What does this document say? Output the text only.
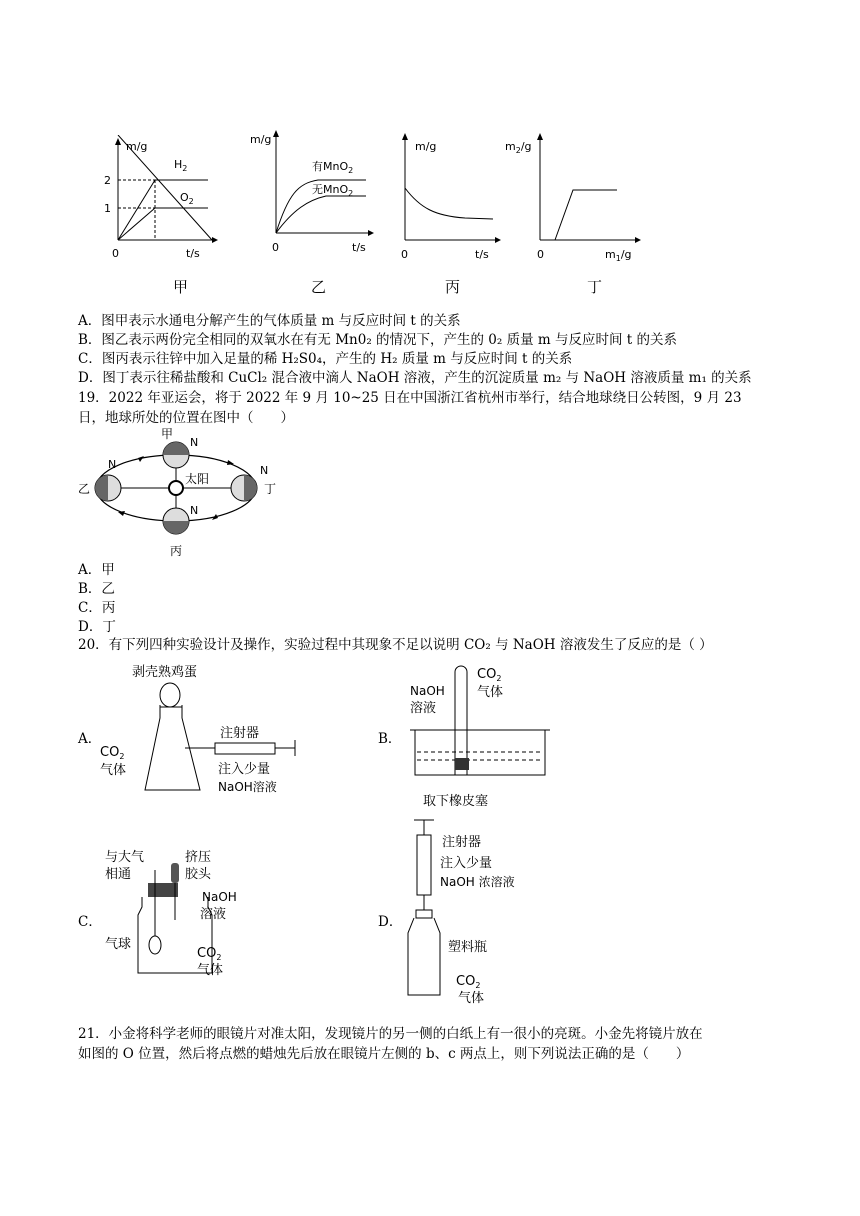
m/g
t/s
0
2
1
$H_2$
$O_2$
甲
m/g
t/s
0
有MnO$_2$
无MnO$_2$
乙
m/g
t/s
0
丙
$m_2/g$
$m_1/g$
0
丁
A．图甲表示水通电分解产生的气体质量 m 与反应时间 t 的关系
B．图乙表示两份完全相同的双氧水在有无 Mn0₂ 的情况下，产生的 0₂ 质量 m 与反应时间 t 的关系
C．图丙表示往锌中加入足量的稀 H₂S0₄，产生的 H₂ 质量 m 与反应时间 t 的关系
D．图丁表示往稀盐酸和 CuCl₂ 混合液中滴人 NaOH 溶液，产生的沉淀质量 m₂ 与 NaOH 溶液质量 m₁ 的关系
19．2022 年亚运会，将于 2022 年 9 月 10~25 日在中国浙江省杭州市举行，结合地球绕日公转图，9 月 23
日，地球所处的位置在图中（　　）
太阳
甲
N
乙
N
丙
N
丁
N
A．甲
B．乙
C．丙
D．丁
20．有下列四种实验设计及操作，实验过程中其现象不足以说明 CO₂ 与 NaOH 溶液发生了反应的是（ ）
A．
剥壳熟鸡蛋
注射器
$CO_2$
气体	注入少量
NaOH溶液
B．
$CO_2$
气体
NaOH
溶液
取下橡皮塞
C．
与大气
相通
挤压
胶头
NaOH
溶液
气球
$CO_2$
气体
D．
注射器
注入少量
NaOH 浓溶液
塑料瓶
$CO_2$
气体
21．小金将科学老师的眼镜片对准太阳，发现镜片的另一侧的白纸上有一很小的亮斑。小金先将镜片放在
如图的 O 位置，然后将点燃的蜡烛先后放在眼镜片左侧的 b、c 两点上，则下列说法正确的是（　　）
